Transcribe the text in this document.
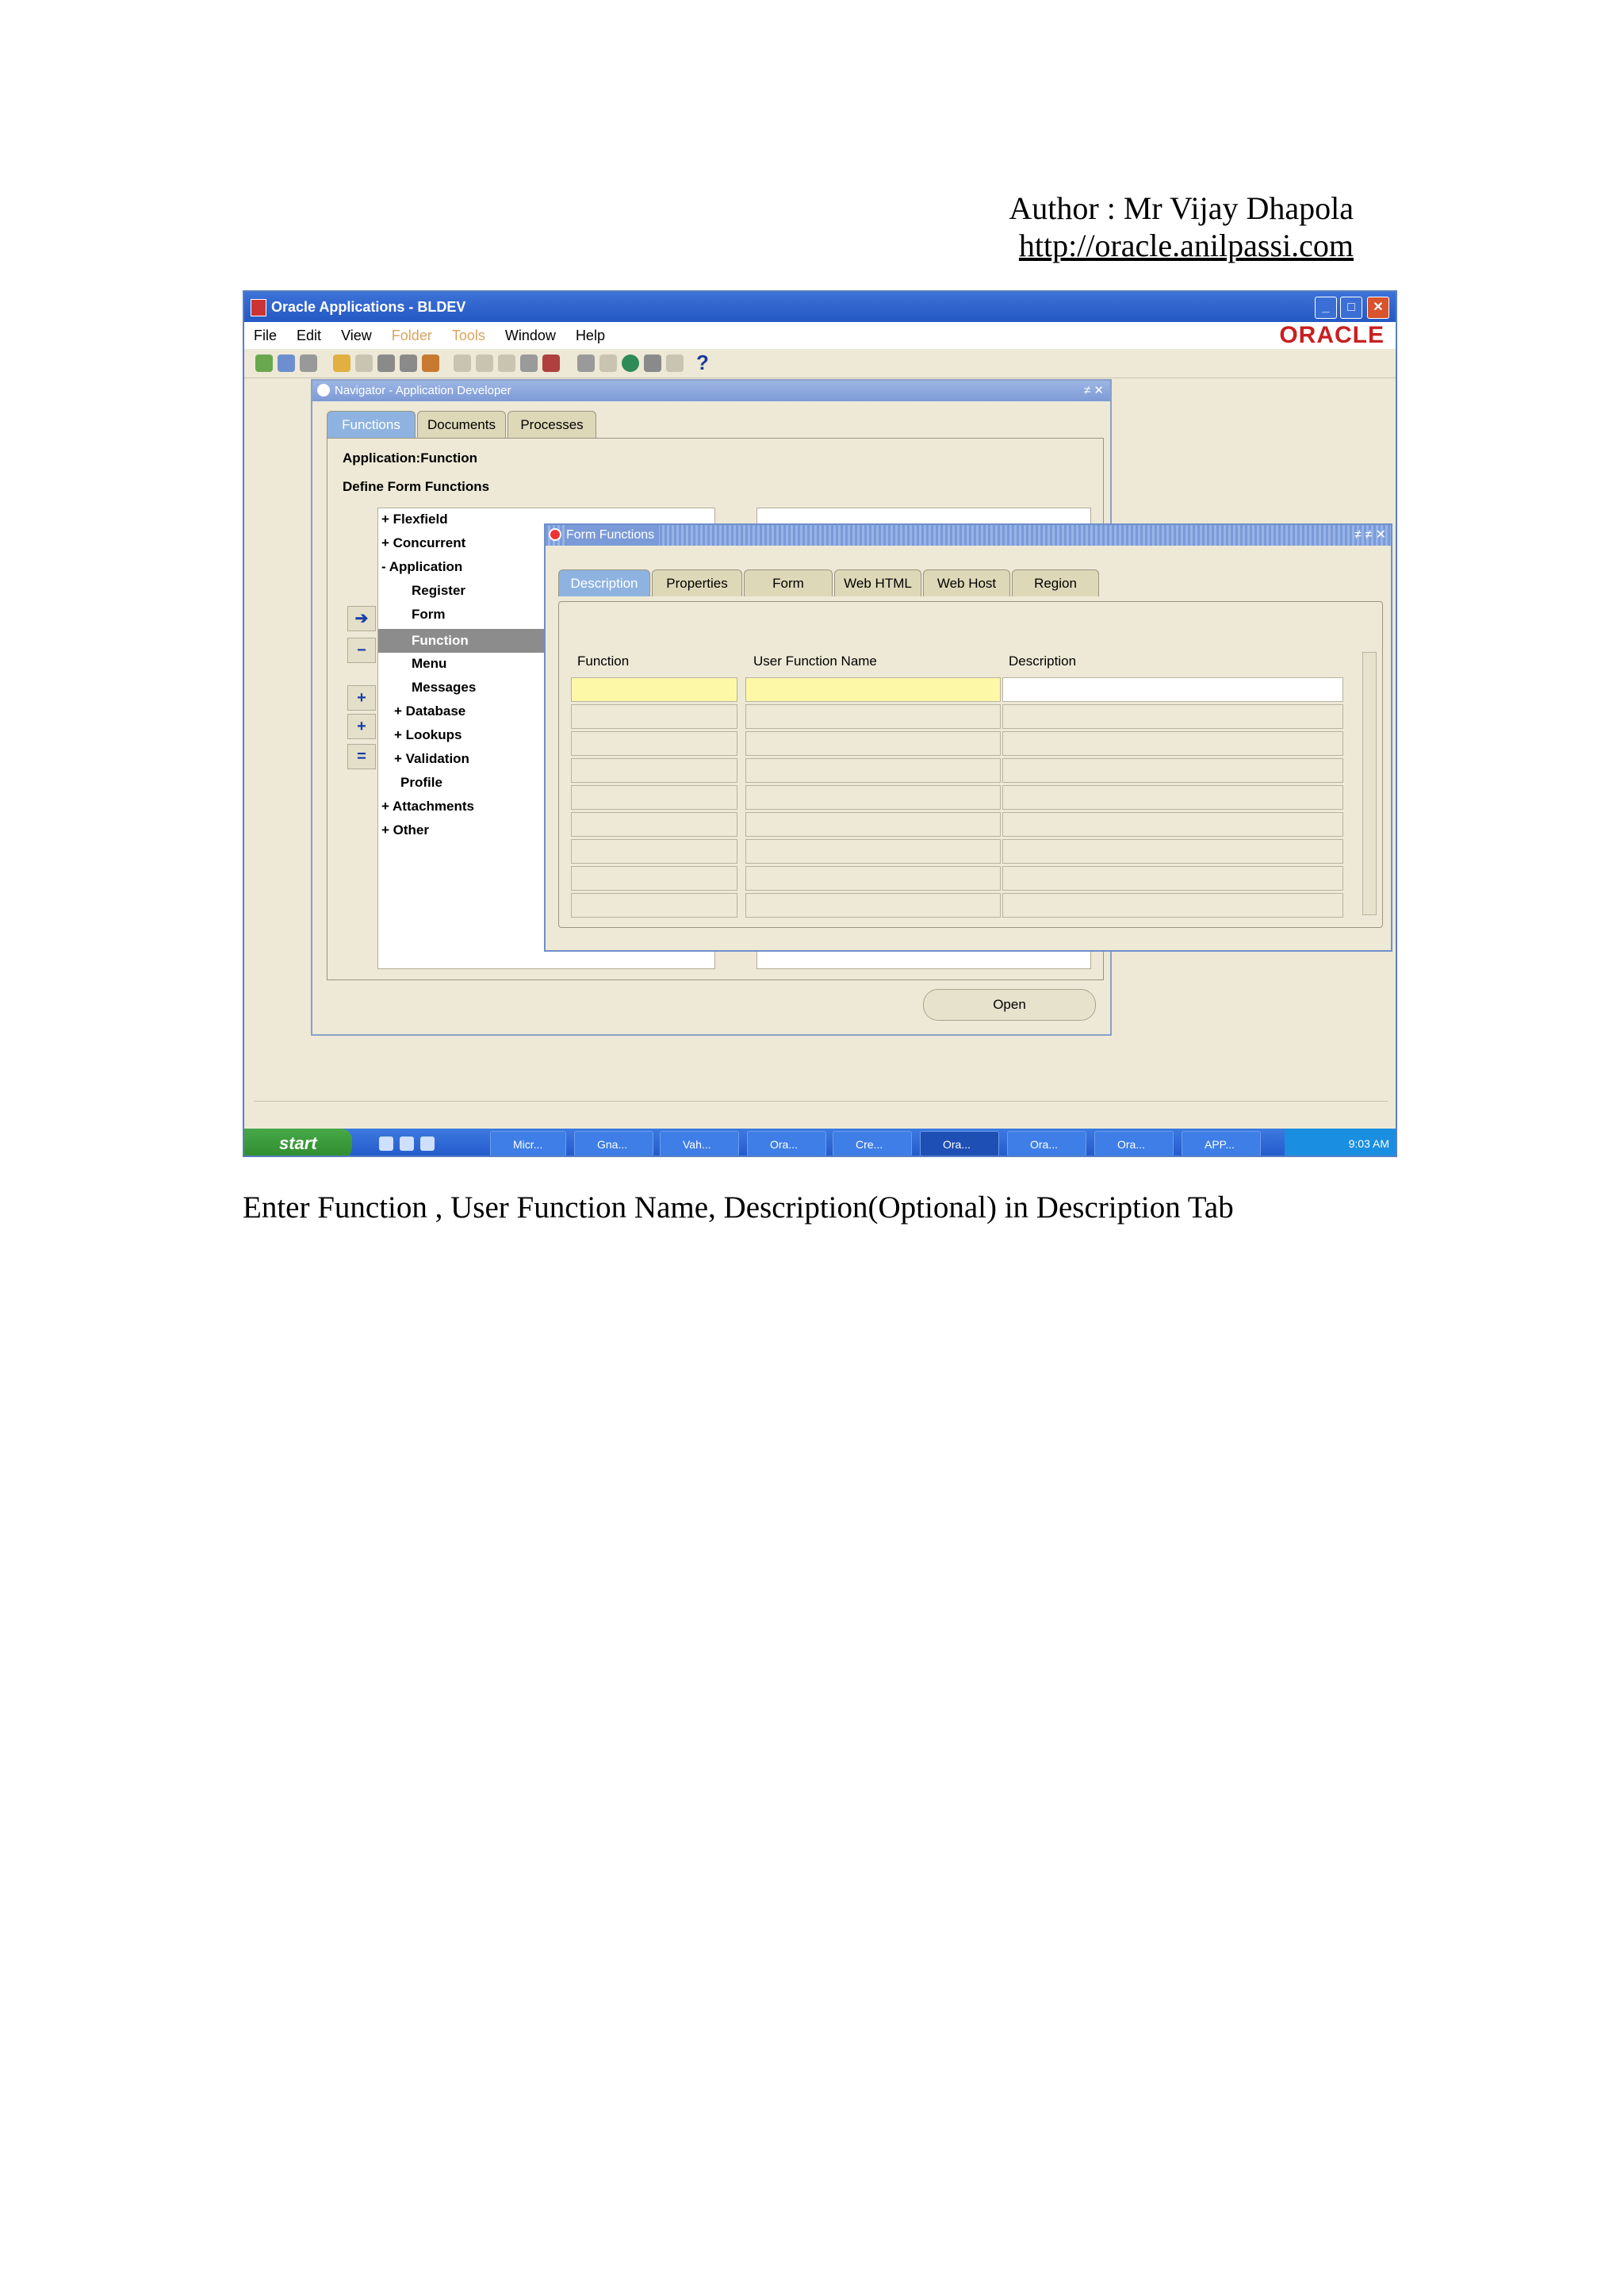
Author : Mr Vijay Dhapola
http://oracle.anilpassi.com
Oracle Applications - BLDEV	_	□	✕
File Edit View Folder Tools Window Help	ORACLE
?
Navigator - Application Developer	≠ ✕
Functions	Documents	Processes
Application:Function
Define Form Functions
➔
−
+
+
=
+ Flexfield
+ Concurrent
- Application
Register
Form
Function
Menu
Messages
+ Database
+ Lookups
+ Validation
Profile
+ Attachments
+ Other
Open
Form Functions	≠ ≠ ✕
Description	Properties	Form	Web HTML	Web Host	Region
Function	User Function Name	Description
start	Micr...	Gna...	Vah...	Ora...	Cre...	Ora...	Ora...	Ora...	APP...	9:03 AM
Enter Function , User Function Name, Description(Optional) in Description Tab
